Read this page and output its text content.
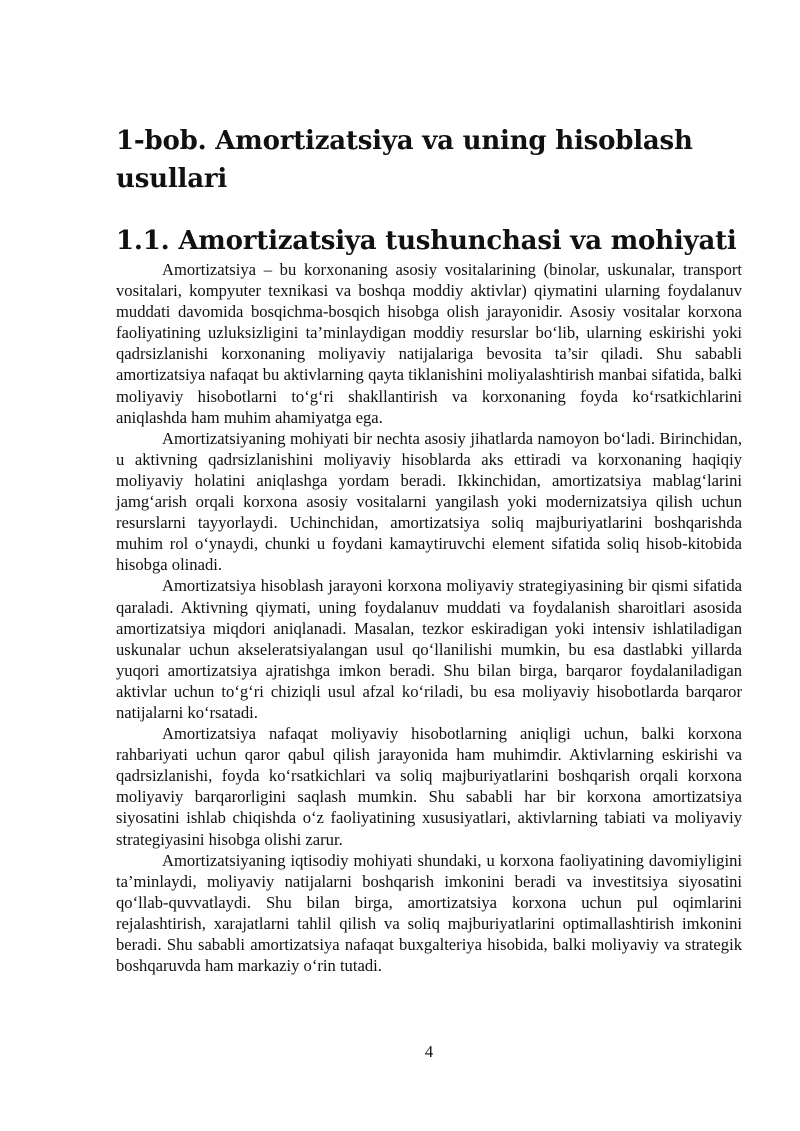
1-bob. Amortizatsiya va uning hisoblash usullari
1.1. Amortizatsiya tushunchasi va mohiyati

Amortizatsiya – bu korxonaning asosiy vositalarining (binolar, uskunalar, transport vositalari, kompyuter texnikasi va boshqa moddiy aktivlar) qiymatini ularning foydalanuv muddati davomida bosqichma-bosqich hisobga olish jarayonidir. Asosiy vositalar korxona faoliyatining uzluksizligini ta’minlaydigan moddiy resurslar bo‘lib, ularning eskirishi yoki qadrsizlanishi korxonaning moliyaviy natijalariga bevosita ta’sir qiladi. Shu sababli amortizatsiya nafaqat bu aktivlarning qayta tiklanishini moliyalashtirish manbai sifatida, balki moliyaviy hisobotlarni to‘g‘ri shakllantirish va korxonaning foyda ko‘rsatkichlarini aniqlashda ham muhim ahamiyatga ega.

Amortizatsiyaning mohiyati bir nechta asosiy jihatlarda namoyon bo‘ladi. Birinchidan, u aktivning qadrsizlanishini moliyaviy hisoblarda aks ettiradi va korxonaning haqiqiy moliyaviy holatini aniqlashga yordam beradi. Ikkinchidan, amortizatsiya mablag‘larini jamg‘arish orqali korxona asosiy vositalarni yangilash yoki modernizatsiya qilish uchun resurslarni tayyorlaydi. Uchinchidan, amortizatsiya soliq majburiyatlarini boshqarishda muhim rol o‘ynaydi, chunki u foydani kamaytiruvchi element sifatida soliq hisob-kitobida hisobga olinadi.

Amortizatsiya hisoblash jarayoni korxona moliyaviy strategiyasining bir qismi sifatida qaraladi. Aktivning qiymati, uning foydalanuv muddati va foydalanish sharoitlari asosida amortizatsiya miqdori aniqlanadi. Masalan, tezkor eskiradigan yoki intensiv ishlatiladigan uskunalar uchun akseleratsiyalangan usul qo‘llanilishi mumkin, bu esa dastlabki yillarda yuqori amortizatsiya ajratishga imkon beradi. Shu bilan birga, barqaror foydalaniladigan aktivlar uchun to‘g‘ri chiziqli usul afzal ko‘riladi, bu esa moliyaviy hisobotlarda barqaror natijalarni ko‘rsatadi.

Amortizatsiya nafaqat moliyaviy hisobotlarning aniqligi uchun, balki korxona rahbariyati uchun qaror qabul qilish jarayonida ham muhimdir. Aktivlarning eskirishi va qadrsizlanishi, foyda ko‘rsatkichlari va soliq majburiyatlarini boshqarish orqali korxona moliyaviy barqarorligini saqlash mumkin. Shu sababli har bir korxona amortizatsiya siyosatini ishlab chiqishda o‘z faoliyatining xususiyatlari, aktivlarning tabiati va moliyaviy strategiyasini hisobga olishi zarur.

Amortizatsiyaning iqtisodiy mohiyati shundaki, u korxona faoliyatining davomiyligini ta’minlaydi, moliyaviy natijalarni boshqarish imkonini beradi va investitsiya siyosatini qo‘llab-quvvatlaydi. Shu bilan birga, amortizatsiya korxona uchun pul oqimlarini rejalashtirish, xarajatlarni tahlil qilish va soliq majburiyatlarini optimallashtirish imkonini beradi. Shu sababli amortizatsiya nafaqat buxgalteriya hisobida, balki moliyaviy va strategik boshqaruvda ham markaziy o‘rin tutadi.

4
